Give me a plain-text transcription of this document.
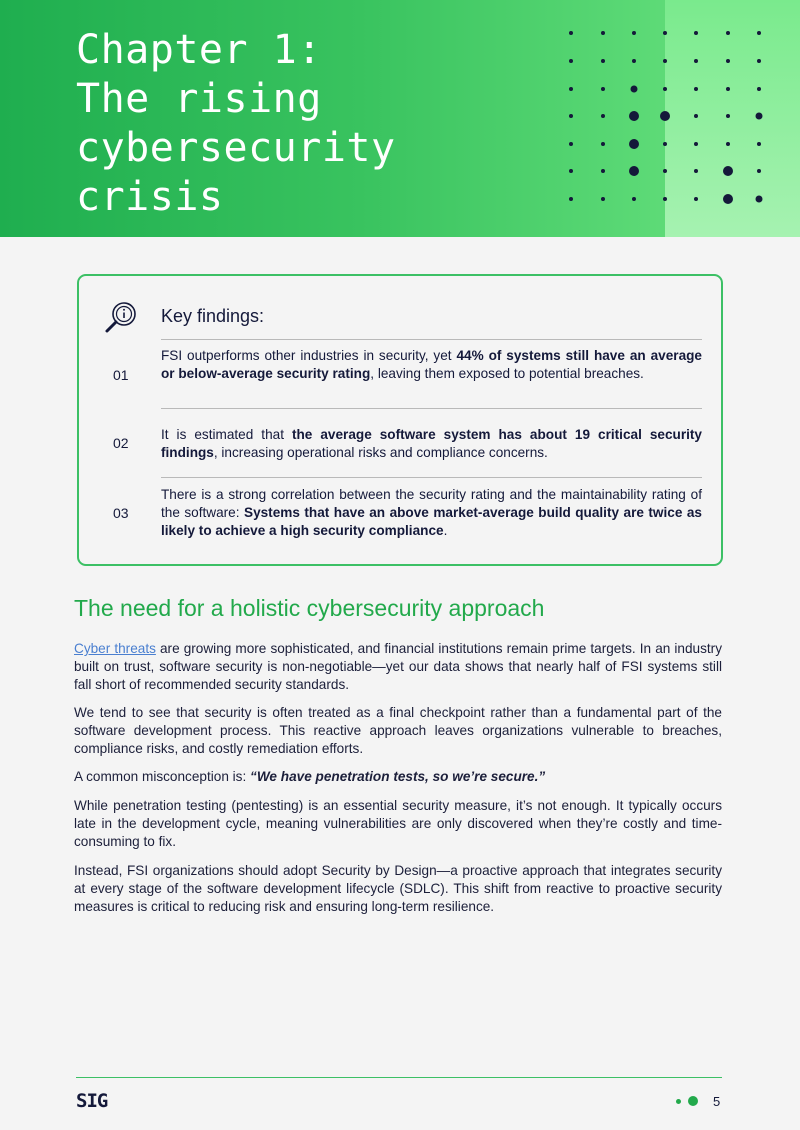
Chapter 1:
The rising
cybersecurity
crisis
Key findings:
01
FSI outperforms other industries in security, yet 44% of systems still have an average or below-average security rating, leaving them exposed to potential breaches.
02
It is estimated that the average software system has about 19 critical security findings, increasing operational risks and compliance concerns.
03
There is a strong correlation between the security rating and the maintainability rating of the software: Systems that have an above market-average build quality are twice as likely to achieve a high security compliance.
The need for a holistic cybersecurity approach
Cyber threats are growing more sophisticated, and financial institutions remain prime targets. In an industry built on trust, software security is non-negotiable—yet our data shows that nearly half of FSI systems still fall short of recommended security standards.
We tend to see that security is often treated as a final checkpoint rather than a fundamental part of the software development process. This reactive approach leaves organizations vulnerable to breaches, compliance risks, and costly remediation efforts.
A common misconception is: “We have penetration tests, so we’re secure.”
While penetration testing (pentesting) is an essential security measure, it’s not enough. It typically occurs late in the development cycle, meaning vulnerabilities are only discovered when they’re costly and time-consuming to fix.
Instead, FSI organizations should adopt Security by Design—a proactive approach that integrates security at every stage of the software development lifecycle (SDLC). This shift from reactive to proactive security measures is critical to reducing risk and ensuring long-term resilience.
SIG	5
